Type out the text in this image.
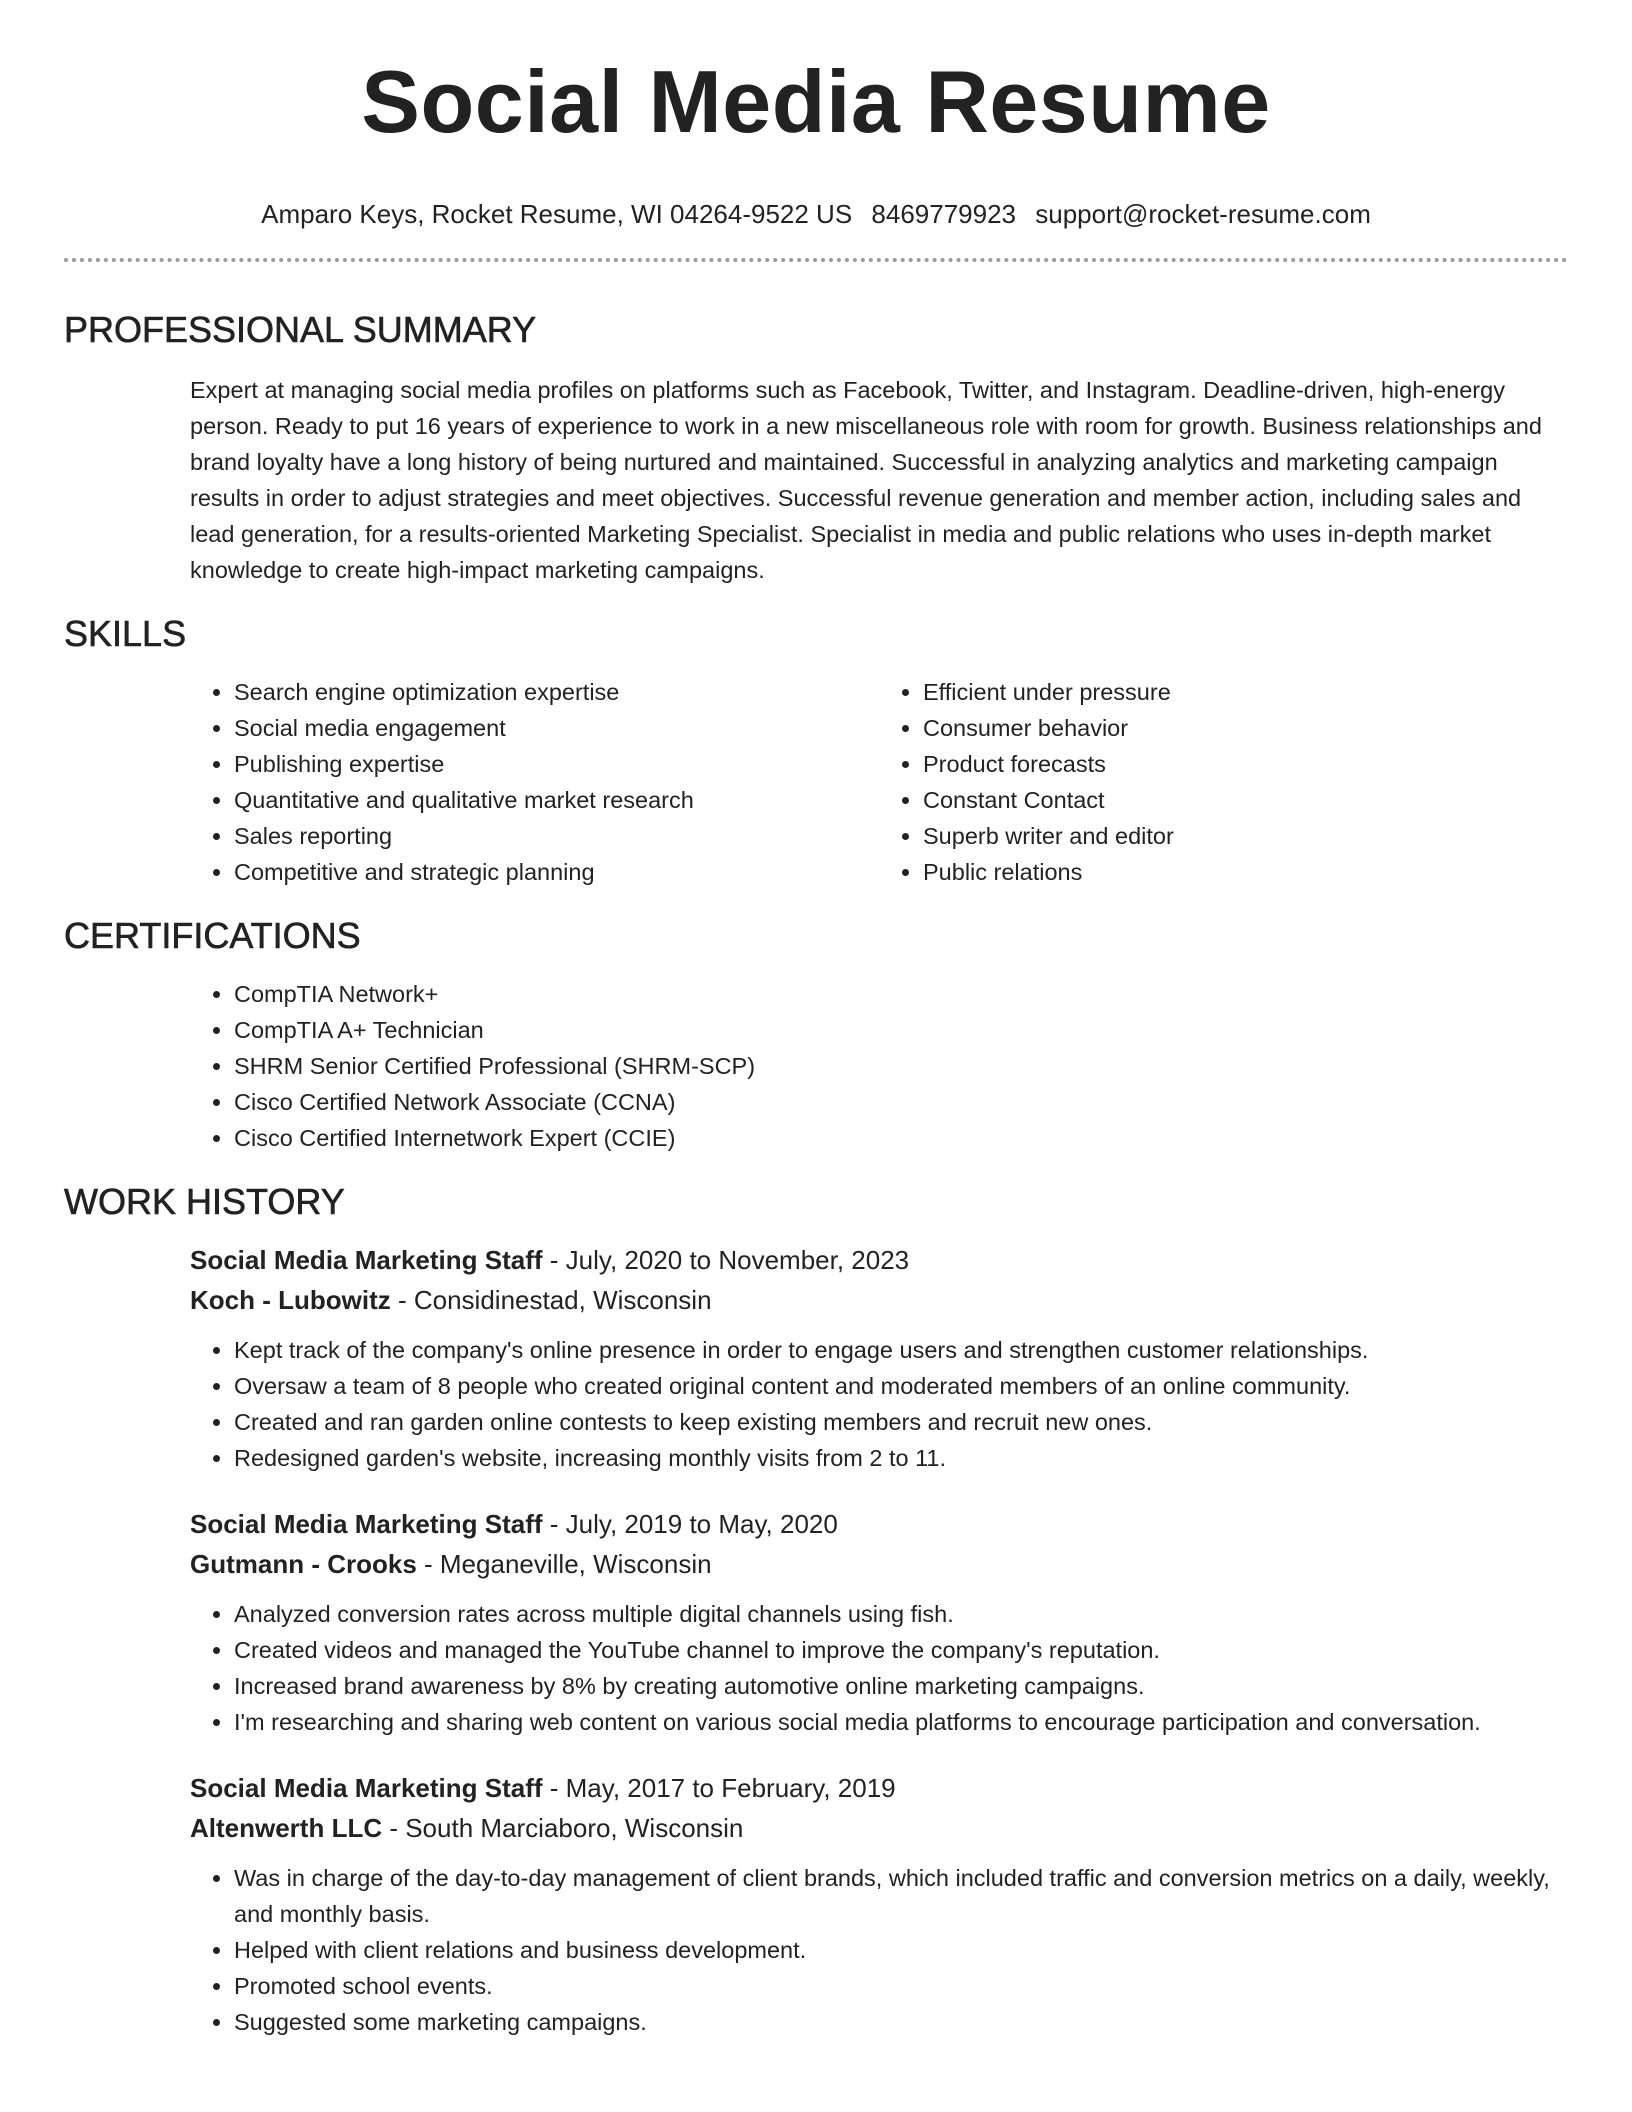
Social Media Resume
Amparo Keys, Rocket Resume, WI 04264-9522 US 8469779923 support@rocket-resume.com
PROFESSIONAL SUMMARY

Expert at managing social media profiles on platforms such as Facebook, Twitter, and Instagram. Deadline-driven, high-energy person. Ready to put 16 years of experience to work in a new miscellaneous role with room for growth. Business relationships and brand loyalty have a long history of being nurtured and maintained. Successful in analyzing analytics and marketing campaign results in order to adjust strategies and meet objectives. Successful revenue generation and member action, including sales and lead generation, for a results-oriented Marketing Specialist. Specialist in media and public relations who uses in-depth market knowledge to create high-impact marketing campaigns.

SKILLS
• Search engine optimization expertise
• Social media engagement
• Publishing expertise
• Quantitative and qualitative market research
• Sales reporting
• Competitive and strategic planning
• Efficient under pressure
• Consumer behavior
• Product forecasts
• Constant Contact
• Superb writer and editor
• Public relations
CERTIFICATIONS
• CompTIA Network+
• CompTIA A+ Technician
• SHRM Senior Certified Professional (SHRM-SCP)
• Cisco Certified Network Associate (CCNA)
• Cisco Certified Internetwork Expert (CCIE)
WORK HISTORY
Social Media Marketing Staff - July, 2020 to November, 2023
Koch - Lubowitz - Considinestad, Wisconsin
• Kept track of the company's online presence in order to engage users and strengthen customer relationships.
• Oversaw a team of 8 people who created original content and moderated members of an online community.
• Created and ran garden online contests to keep existing members and recruit new ones.
• Redesigned garden's website, increasing monthly visits from 2 to 11.
Social Media Marketing Staff - July, 2019 to May, 2020
Gutmann - Crooks - Meganeville, Wisconsin
• Analyzed conversion rates across multiple digital channels using fish.
• Created videos and managed the YouTube channel to improve the company's reputation.
• Increased brand awareness by 8% by creating automotive online marketing campaigns.
• I'm researching and sharing web content on various social media platforms to encourage participation and conversation.
Social Media Marketing Staff - May, 2017 to February, 2019
Altenwerth LLC - South Marciaboro, Wisconsin
• Was in charge of the day-to-day management of client brands, which included traffic and conversion metrics on a daily, weekly, and monthly basis.
• Helped with client relations and business development.
• Promoted school events.
• Suggested some marketing campaigns.
